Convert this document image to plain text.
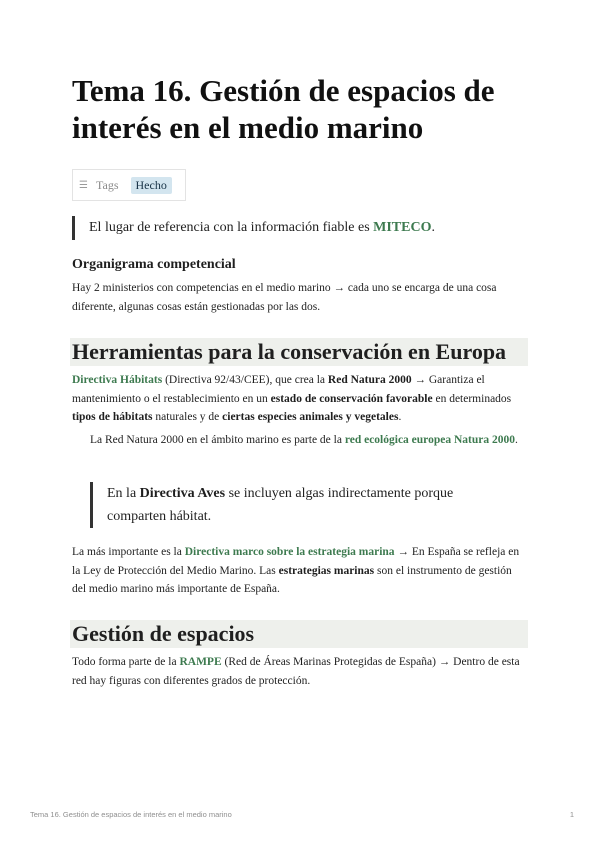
Tema 16. Gestión de espacios de interés en el medio marino
☰ Tags	Hecho
El lugar de referencia con la información fiable es MITECO.
Organigrama competencial

Hay 2 ministerios con competencias en el medio marino → cada uno se encarga de una cosa diferente, algunas cosas están gestionadas por las dos.

Herramientas para la conservación en Europa

Directiva Hábitats (Directiva 92/43/CEE), que crea la Red Natura 2000 → Garantiza el mantenimiento o el restablecimiento en un estado de conservación favorable en determinados tipos de hábitats naturales y de ciertas especies animales y vegetales.

La Red Natura 2000 en el ámbito marino es parte de la red ecológica europea Natura 2000.

En la Directiva Aves se incluyen algas indirectamente porque comparten hábitat.

La más importante es la Directiva marco sobre la estrategia marina → En España se refleja en la Ley de Protección del Medio Marino. Las estrategias marinas son el instrumento de gestión del medio marino más importante de España.

Gestión de espacios

Todo forma parte de la RAMPE (Red de Áreas Marinas Protegidas de España) → Dentro de esta red hay figuras con diferentes grados de protección.

Tema 16. Gestión de espacios de interés en el medio marino	1
